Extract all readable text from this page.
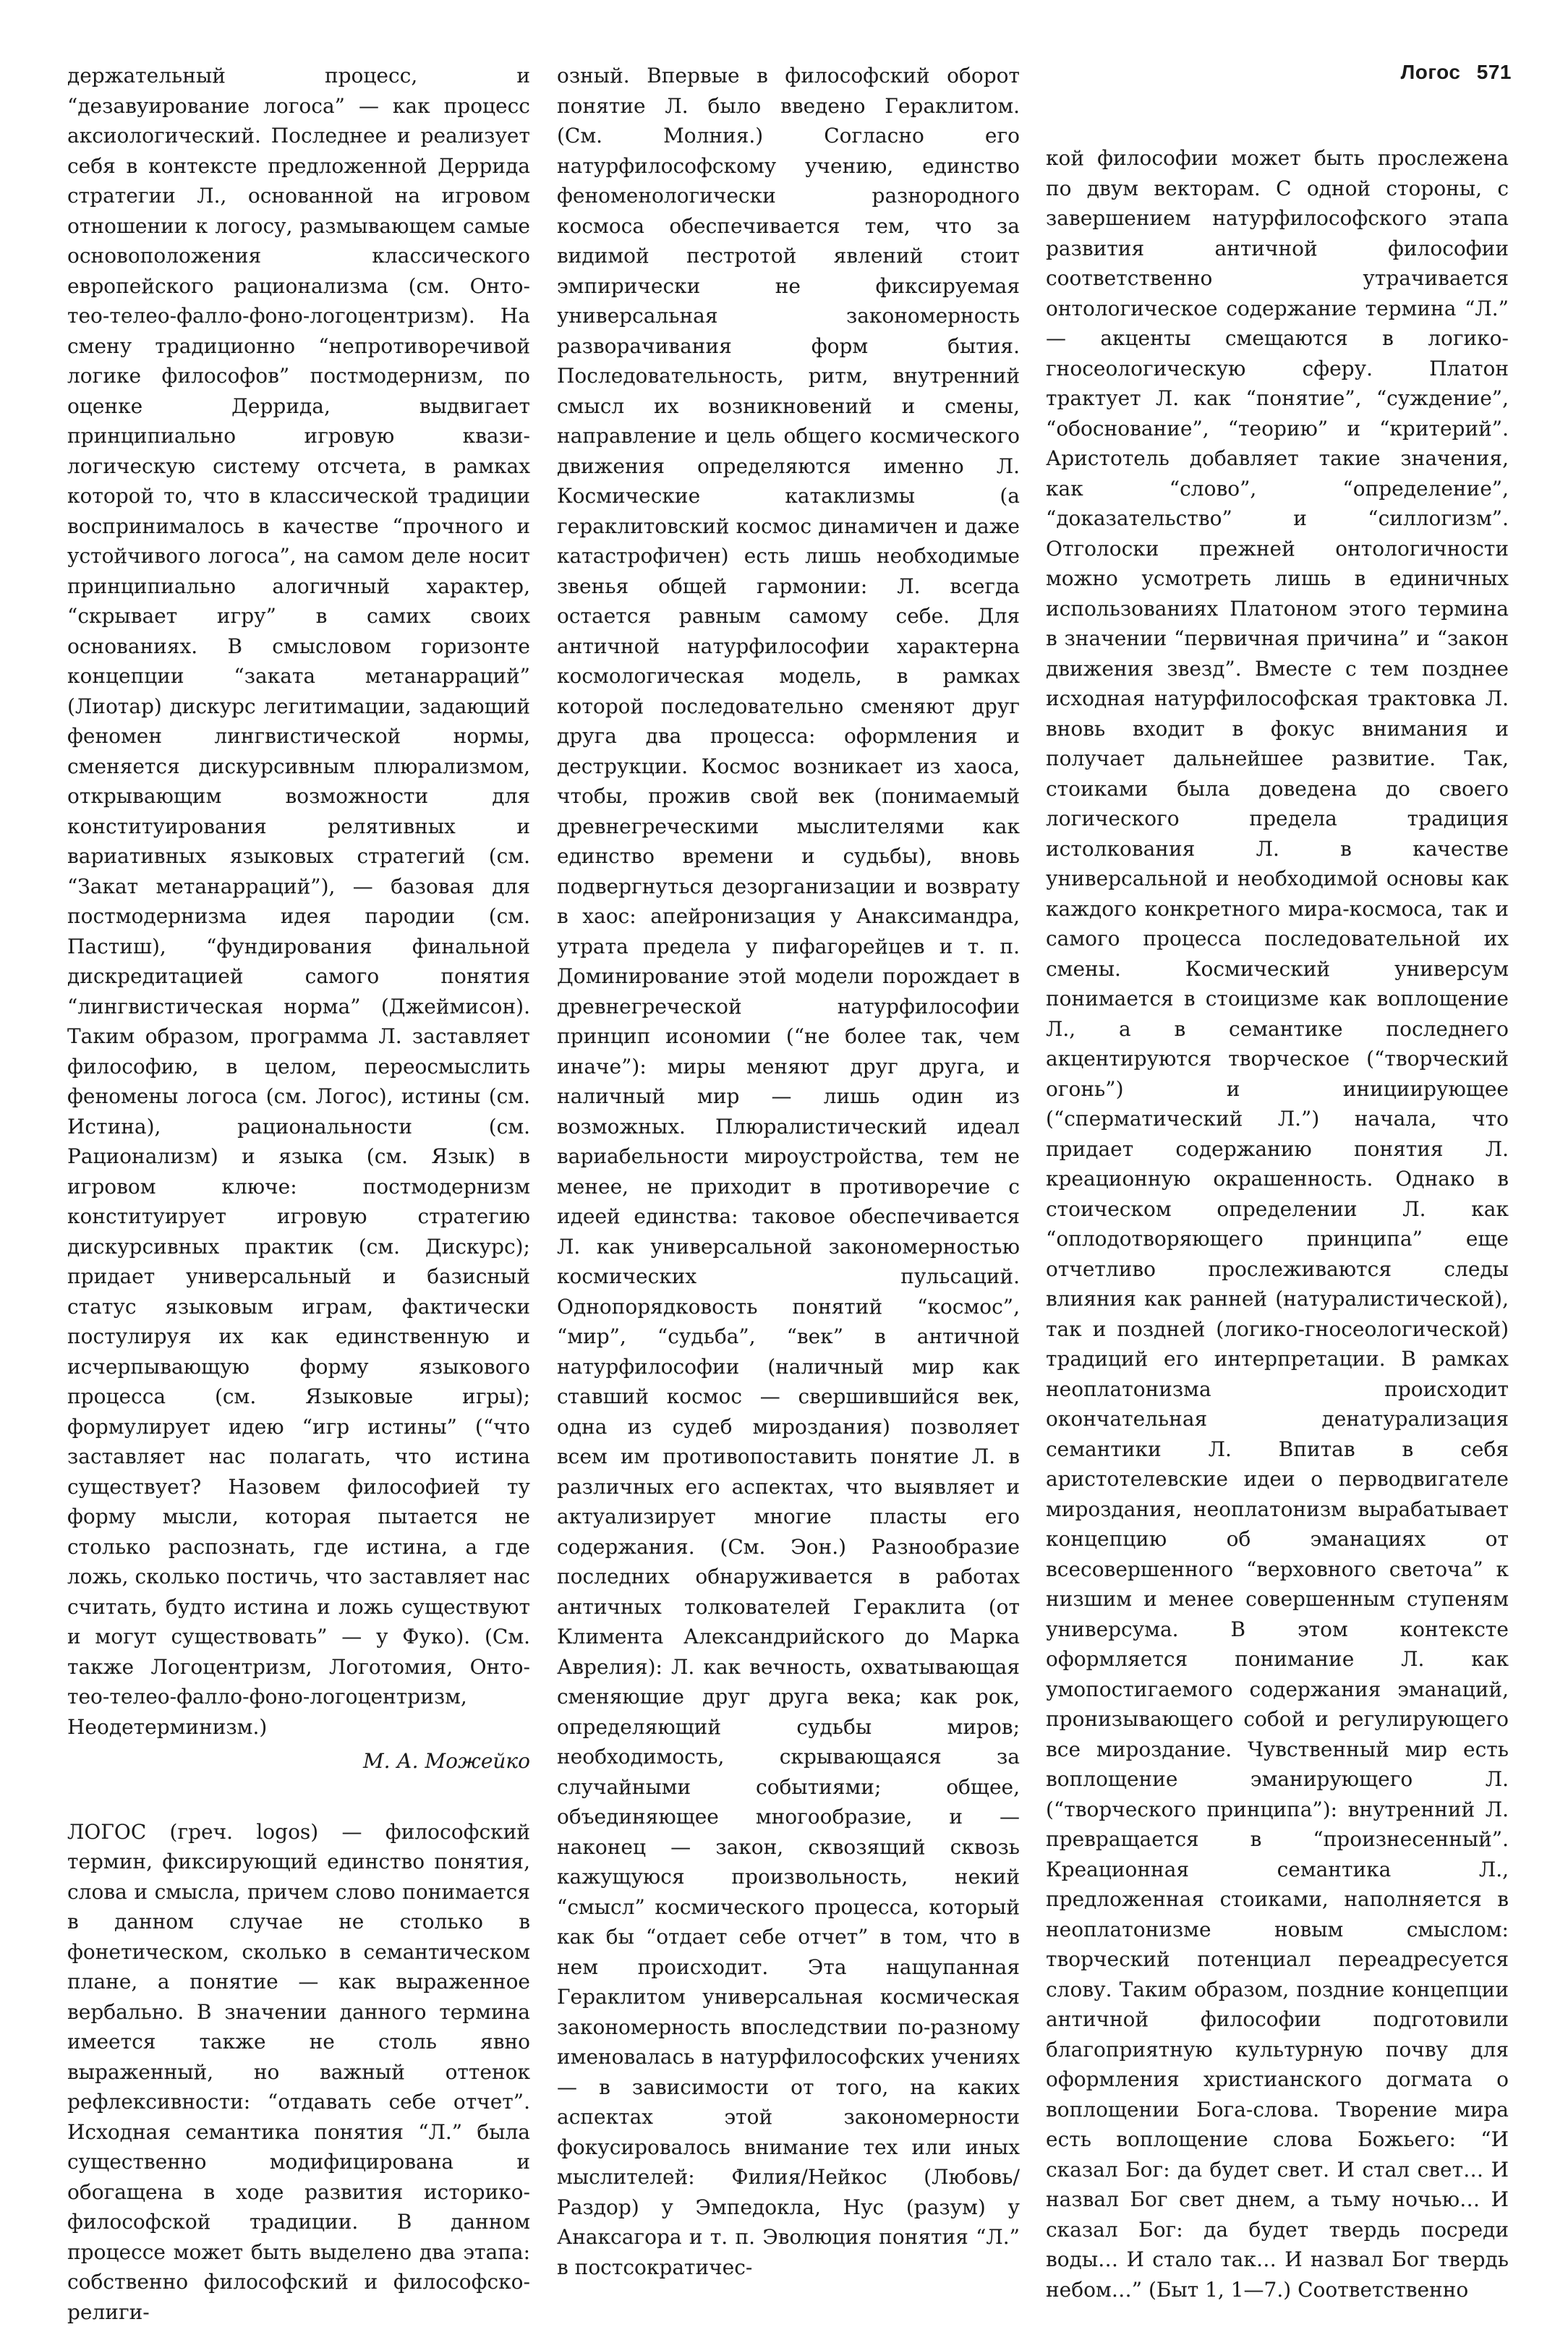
Логос 571

держательный процесс, и “дезавуирование логоса” — как процесс аксиологический. Последнее и реализует себя в контексте предложенной Деррида стратегии Л., основанной на игровом отношении к логосу, размывающем самые основоположения классического европейского рационализма (см. Онто-тео-телео-фалло-фоно-логоцентризм). На смену традиционно “непротиворечивой логике философов” постмодернизм, по оценке Деррида, выдвигает принципиально игровую квази-логическую систему отсчета, в рамках которой то, что в классической традиции воспринималось в качестве “прочного и устойчивого логоса”, на самом деле носит принципиально алогичный характер, “скрывает игру” в самих своих основаниях. В смысловом горизонте концепции “заката метанарраций” (Лиотар) дискурс легитимации, задающий феномен лингвистической нормы, сменяется дискурсивным плюрализмом, открывающим возможности для конституирования релятивных и вариативных языковых стратегий (см. “Закат метанарраций”), — базовая для постмодернизма идея пародии (см. Пастиш), “фундирования финальной дискредитацией самого понятия “лингвистическая норма” (Джеймисон). Таким образом, программа Л. заставляет философию, в целом, переосмыслить феномены логоса (см. Логос), истины (см. Истина), рациональности (см. Рационализм) и языка (см. Язык) в игровом ключе: постмодернизм конституирует игровую стратегию дискурсивных практик (см. Дискурс); придает универсальный и базисный статус языковым играм, фактически постулируя их как единственную и исчерпывающую форму языкового процесса (см. Языковые игры); формулирует идею “игр истины” (“что заставляет нас полагать, что истина существует? Назовем философией ту форму мысли, которая пытается не столько распознать, где истина, а где ложь, сколько постичь, что заставляет нас считать, будто истина и ложь существуют и могут существовать” — у Фуко). (См. также Логоцентризм, Логотомия, Онто-тео-телео-фалло-фоно-логоцентризм, Неодетерминизм.)

М. А. Можейко

ЛОГОС (греч. logos) — философский термин, фиксирующий единство понятия, слова и смысла, причем слово понимается в данном случае не столько в фонетическом, сколько в семантическом плане, а понятие — как выраженное вербально. В значении данного термина имеется также не столь явно выраженный, но важный оттенок рефлексивности: “отдавать себе отчет”. Исходная семантика понятия “Л.” была существенно модифицирована и обогащена в ходе развития историко-философской традиции. В данном процессе может быть выделено два этапа: собственно философский и философско-религи-

озный. Впервые в философский оборот понятие Л. было введено Гераклитом. (См. Молния.) Согласно его натурфилософскому учению, единство феноменологически разнородного космоса обеспечивается тем, что за видимой пестротой явлений стоит эмпирически не фиксируемая универсальная закономерность разворачивания форм бытия. Последовательность, ритм, внутренний смысл их возникновений и смены, направление и цель общего космического движения определяются именно Л. Космические катаклизмы (а гераклитовский космос динамичен и даже катастрофичен) есть лишь необходимые звенья общей гармонии: Л. всегда остается равным самому себе. Для античной натурфилософии характерна космологическая модель, в рамках которой последовательно сменяют друг друга два процесса: оформления и деструкции. Космос возникает из хаоса, чтобы, прожив свой век (понимаемый древнегреческими мыслителями как единство времени и судьбы), вновь подвергнуться дезорганизации и возврату в хаос: апейронизация у Анаксимандра, утрата предела у пифагорейцев и т. п. Доминирование этой модели порождает в древнегреческой натурфилософии принцип исономии (“не более так, чем иначе”): миры меняют друг друга, и наличный мир — лишь один из возможных. Плюралистический идеал вариабельности мироустройства, тем не менее, не приходит в противоречие с идеей единства: таковое обеспечивается Л. как универсальной закономерностью космических пульсаций. Однопорядковость понятий “космос”, “мир”, “судьба”, “век” в античной натурфилософии (наличный мир как ставший космос — свершившийся век, одна из судеб мироздания) позволяет всем им противопоставить понятие Л. в различных его аспектах, что выявляет и актуализирует многие пласты его содержания. (См. Эон.) Разнообразие последних обнаруживается в работах античных толкователей Гераклита (от Климента Александрийского до Марка Аврелия): Л. как вечность, охватывающая сменяющие друг друга века; как рок, определяющий судьбы миров; необходимость, скрывающаяся за случайными событиями; общее, объединяющее многообразие, и — наконец — закон, сквозящий сквозь кажущуюся произвольность, некий “смысл” космического процесса, который как бы “отдает себе отчет” в том, что в нем происходит. Эта нащупанная Гераклитом универсальная космическая закономерность впоследствии по-разному именовалась в натурфилософских учениях — в зависимости от того, на каких аспектах этой закономерности фокусировалось внимание тех или иных мыслителей: Филия/Нейкос (Любовь/Раздор) у Эмпедокла, Нус (разум) у Анаксагора и т. п. Эволюция понятия “Л.” в постсократичес-

кой философии может быть прослежена по двум векторам. С одной стороны, с завершением натурфилософского этапа развития античной философии соответственно утрачивается онтологическое содержание термина “Л.” — акценты смещаются в логико-гносеологическую сферу. Платон трактует Л. как “понятие”, “суждение”, “обоснование”, “теорию” и “критерий”. Аристотель добавляет такие значения, как “слово”, “определение”, “доказательство” и “силлогизм”. Отголоски прежней онтологичности можно усмотреть лишь в единичных использованиях Платоном этого термина в значении “первичная причина” и “закон движения звезд”. Вместе с тем позднее исходная натурфилософская трактовка Л. вновь входит в фокус внимания и получает дальнейшее развитие. Так, стоиками была доведена до своего логического предела традиция истолкования Л. в качестве универсальной и необходимой основы как каждого конкретного мира-космоса, так и самого процесса последовательной их смены. Космический универсум понимается в стоицизме как воплощение Л., а в семантике последнего акцентируются творческое (“творческий огонь”) и инициирующее (“сперматический Л.”) начала, что придает содержанию понятия Л. креационную окрашенность. Однако в стоическом определении Л. как “оплодотворяющего принципа” еще отчетливо прослеживаются следы влияния как ранней (натуралистической), так и поздней (логико-гносеологической) традиций его интерпретации. В рамках неоплатонизма происходит окончательная денатурализация семантики Л. Впитав в себя аристотелевские идеи о перводвигателе мироздания, неоплатонизм вырабатывает концепцию об эманациях от всесовершенного “верховного светоча” к низшим и менее совершенным ступеням универсума. В этом контексте оформляется понимание Л. как умопостигаемого содержания эманаций, пронизывающего собой и регулирующего все мироздание. Чувственный мир есть воплощение эманирующего Л. (“творческого принципа”): внутренний Л. превращается в “произнесенный”. Креационная семантика Л., предложенная стоиками, наполняется в неоплатонизме новым смыслом: творческий потенциал переадресуется слову. Таким образом, поздние концепции античной философии подготовили благоприятную культурную почву для оформления христианского догмата о воплощении Бога-слова. Творение мира есть воплощение слова Божьего: “И сказал Бог: да будет свет. И стал свет… И назвал Бог свет днем, а тьму ночью… И сказал Бог: да будет твердь посреди воды… И стало так… И назвал Бог твердь небом…” (Быт 1, 1—7.) Соответственно
